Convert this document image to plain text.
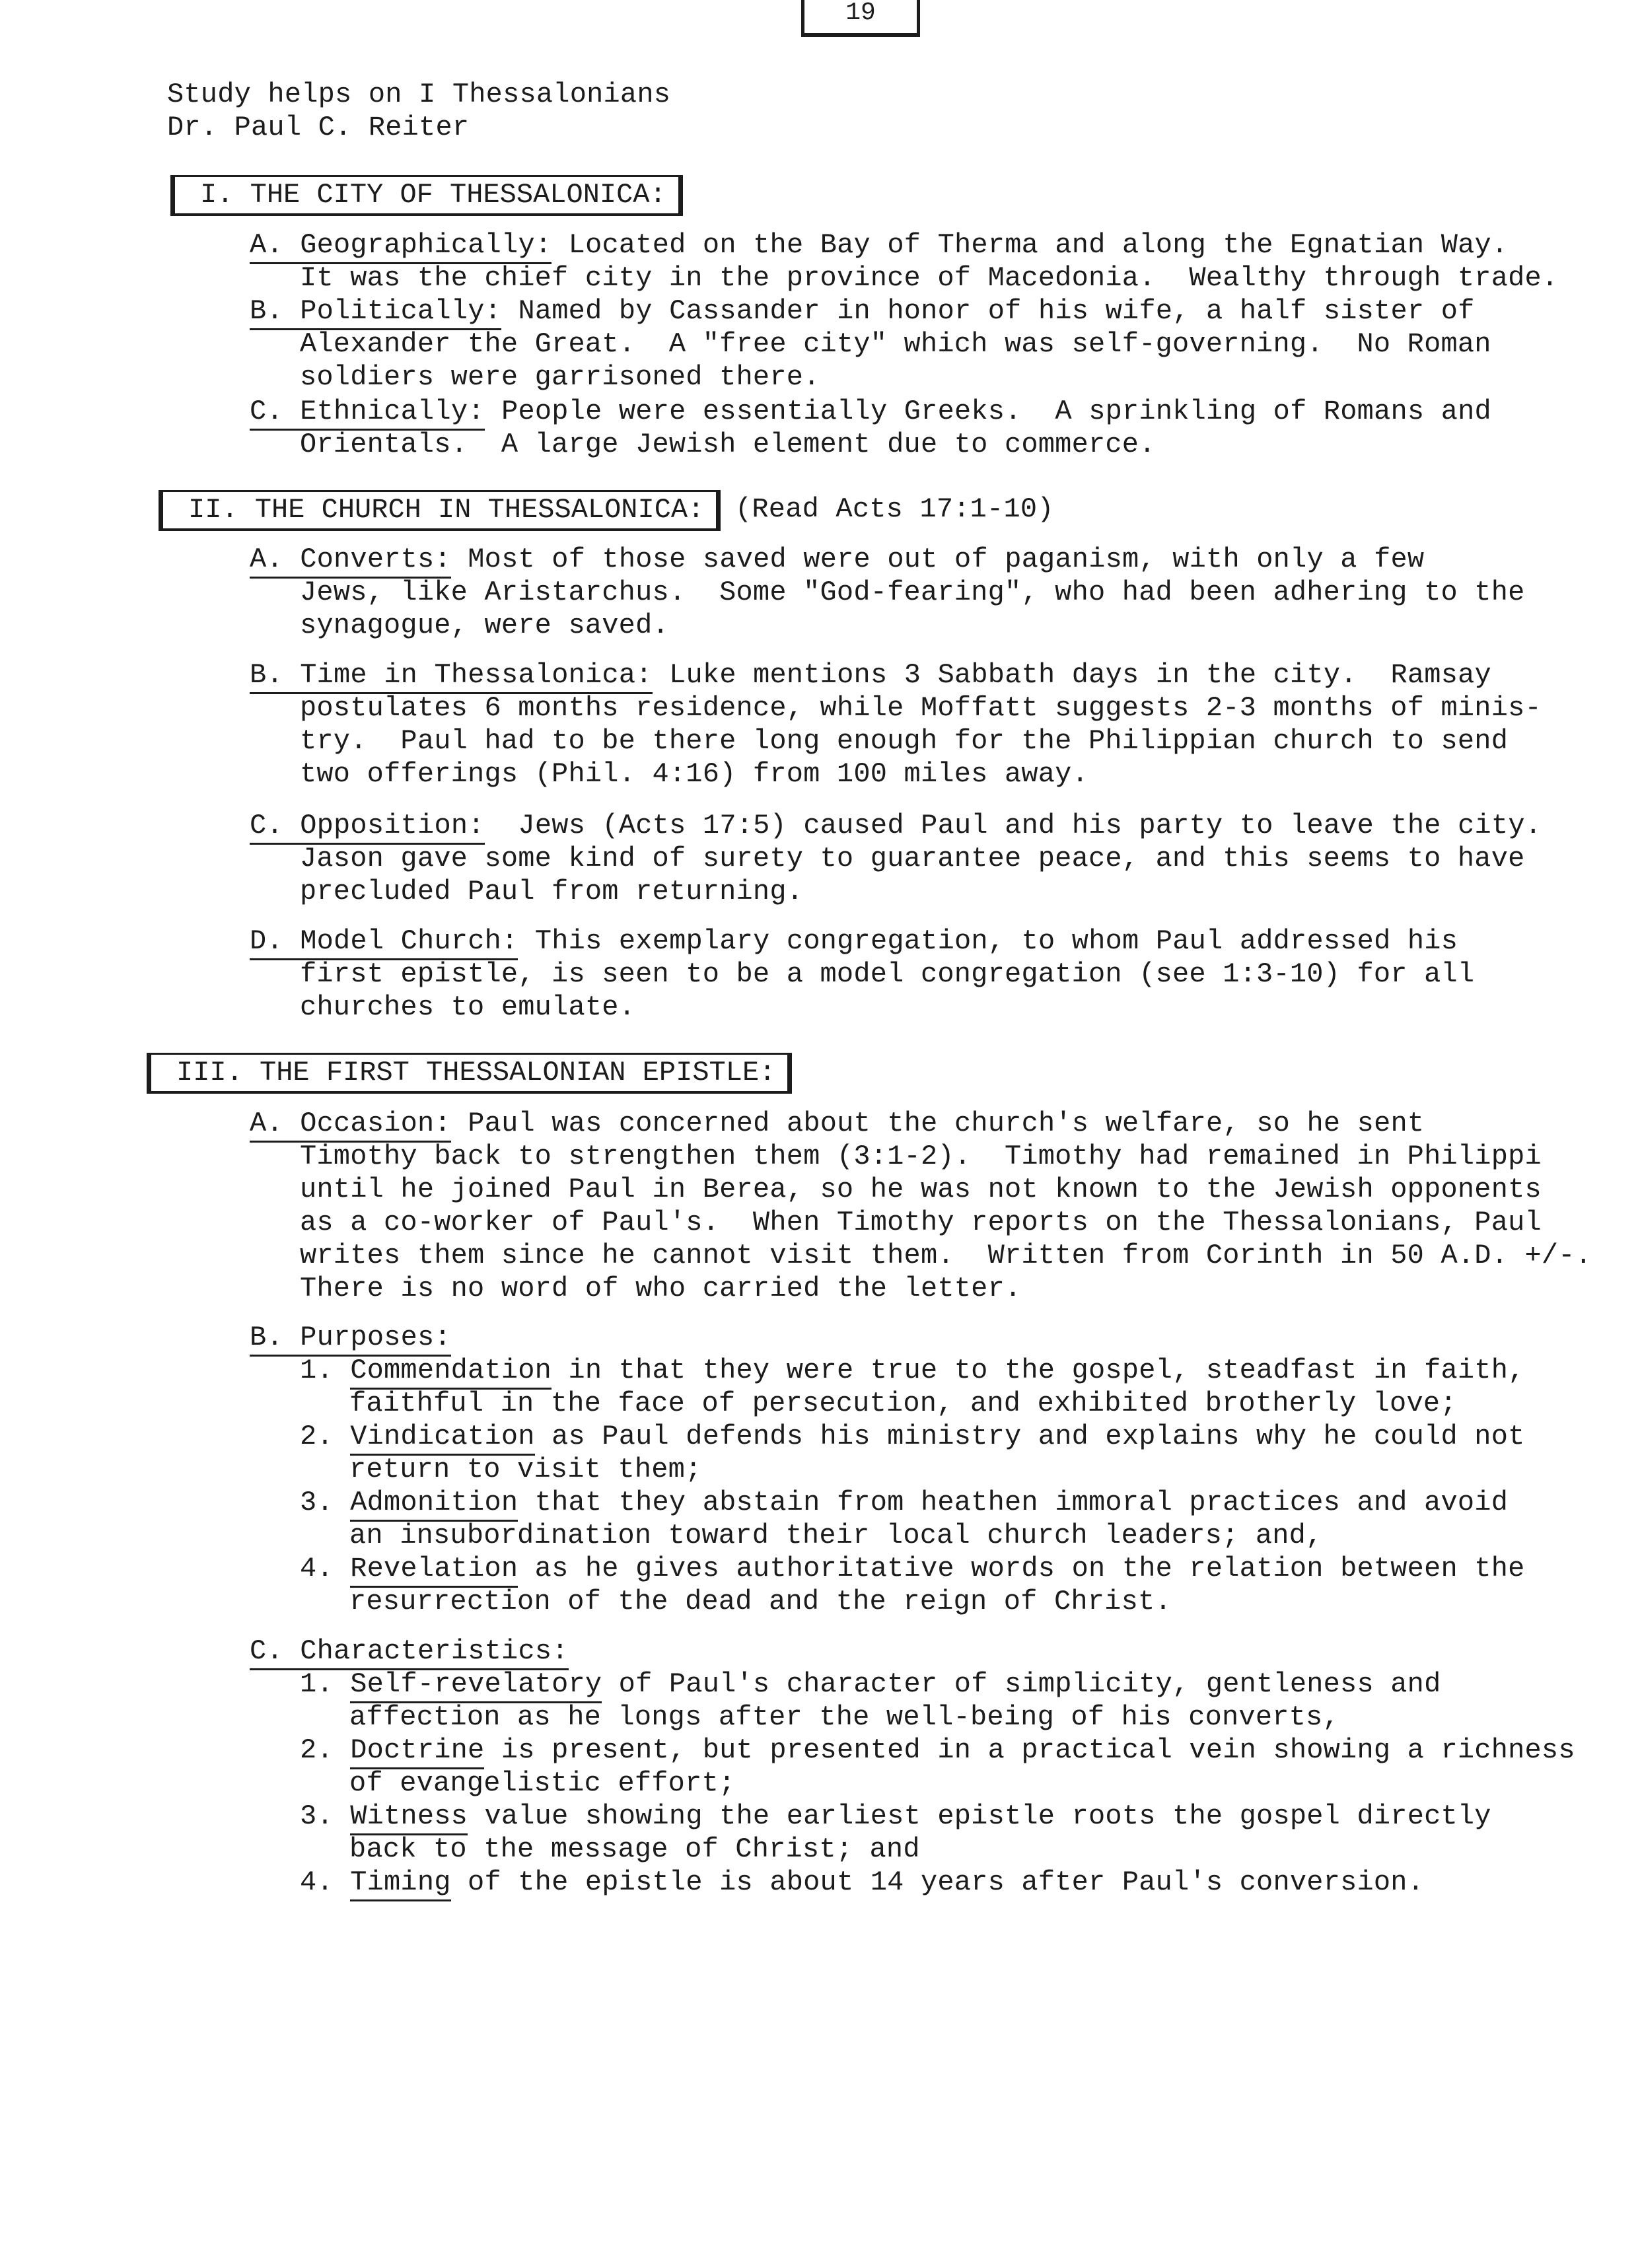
19
Study helps on I Thessalonians
Dr. Paul C. Reiter
I. THE CITY OF THESSALONICA:
A. Geographically: Located on the Bay of Therma and along the Egnatian Way.
It was the chief city in the province of Macedonia.  Wealthy through trade.
B. Politically: Named by Cassander in honor of his wife, a half sister of
Alexander the Great.  A "free city" which was self-governing.  No Roman
soldiers were garrisoned there.
C. Ethnically: People were essentially Greeks.  A sprinkling of Romans and
Orientals.  A large Jewish element due to commerce.
II. THE CHURCH IN THESSALONICA:	(Read Acts 17:1-10)
A. Converts: Most of those saved were out of paganism, with only a few
Jews, like Aristarchus.  Some "God-fearing", who had been adhering to the
synagogue, were saved.
B. Time in Thessalonica: Luke mentions 3 Sabbath days in the city.  Ramsay
postulates 6 months residence, while Moffatt suggests 2-3 months of minis-
try.  Paul had to be there long enough for the Philippian church to send
two offerings (Phil. 4:16) from 100 miles away.
C. Opposition:  Jews (Acts 17:5) caused Paul and his party to leave the city.
Jason gave some kind of surety to guarantee peace, and this seems to have
precluded Paul from returning.
D. Model Church: This exemplary congregation, to whom Paul addressed his
first epistle, is seen to be a model congregation (see 1:3-10) for all
churches to emulate.
III. THE FIRST THESSALONIAN EPISTLE:
A. Occasion: Paul was concerned about the church's welfare, so he sent
Timothy back to strengthen them (3:1-2).  Timothy had remained in Philippi
until he joined Paul in Berea, so he was not known to the Jewish opponents
as a co-worker of Paul's.  When Timothy reports on the Thessalonians, Paul
writes them since he cannot visit them.  Written from Corinth in 50 A.D. +/-.
There is no word of who carried the letter.
B. Purposes:
1. Commendation in that they were true to the gospel, steadfast in faith,
faithful in the face of persecution, and exhibited brotherly love;
2. Vindication as Paul defends his ministry and explains why he could not
return to visit them;
3. Admonition that they abstain from heathen immoral practices and avoid
an insubordination toward their local church leaders; and,
4. Revelation as he gives authoritative words on the relation between the
resurrection of the dead and the reign of Christ.
C. Characteristics:
1. Self-revelatory of Paul's character of simplicity, gentleness and
affection as he longs after the well-being of his converts,
2. Doctrine is present, but presented in a practical vein showing a richness
of evangelistic effort;
3. Witness value showing the earliest epistle roots the gospel directly
back to the message of Christ; and
4. Timing of the epistle is about 14 years after Paul's conversion.
